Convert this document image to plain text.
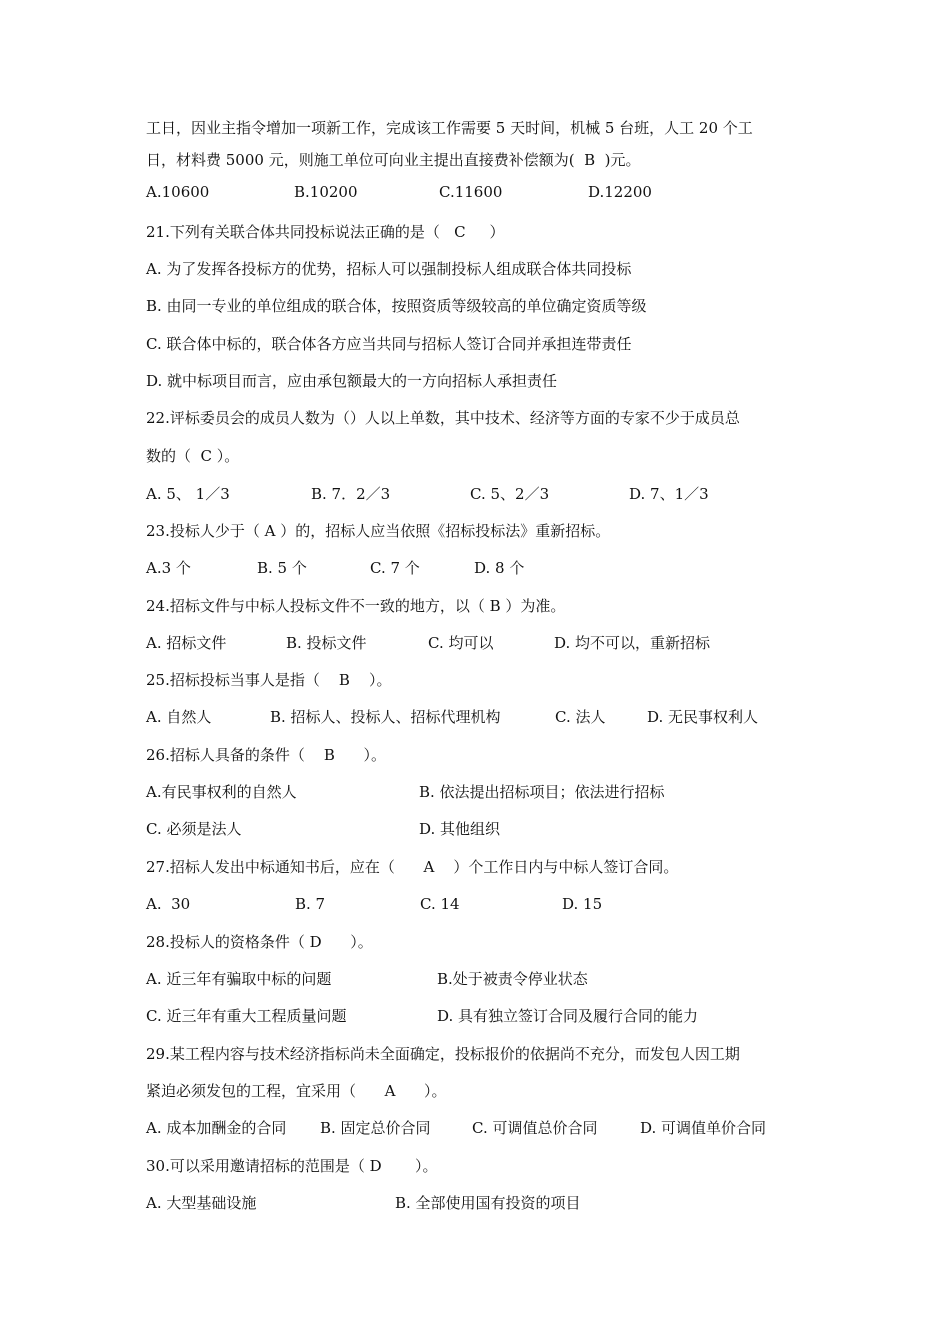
工日，因业主指令增加一项新工作，完成该工作需要 5 天时间，机械 5 台班，人工 20 个工
日，材料费 5000 元，则施工单位可向业主提出直接费补偿额为(  B  )元。
A.10600	B.10200	C.11600	D.12200
21.下列有关联合体共同投标说法正确的是（   C     ）
A. 为了发挥各投标方的优势，招标人可以强制投标人组成联合体共同投标
B. 由同一专业的单位组成的联合体，按照资质等级较高的单位确定资质等级
C. 联合体中标的，联合体各方应当共同与招标人签订合同并承担连带责任
D. 就中标项目而言，应由承包额最大的一方向招标人承担责任
22.评标委员会的成员人数为（）人以上单数，其中技术、经济等方面的专家不少于成员总
数的（  C ）。
A. 5、 1／3	B. 7．2／3	C. 5、2／3	D. 7、1／3
23.投标人少于（ A ）的，招标人应当依照《招标投标法》重新招标。
A.3 个	B. 5 个	C. 7 个	D. 8 个
24.招标文件与中标人投标文件不一致的地方，以（ B ）为准。
A. 招标文件	B. 投标文件	C. 均可以	D. 均不可以，重新招标
25.招标投标当事人是指（    B    ）。
A. 自然人	B. 招标人、投标人、招标代理机构	C. 法人	D. 无民事权利人
26.招标人具备的条件（    B      ）。
A.有民事权利的自然人	B. 依法提出招标项目；依法进行招标
C. 必须是法人	D. 其他组织
27.招标人发出中标通知书后，应在（      A    ）个工作日内与中标人签订合同。
A.  30	B. 7	C. 14	D. 15
28.投标人的资格条件（ D      ）。
A. 近三年有骗取中标的问题	B.处于被责令停业状态
C. 近三年有重大工程质量问题	D. 具有独立签订合同及履行合同的能力
29.某工程内容与技术经济指标尚未全面确定，投标报价的依据尚不充分，而发包人因工期
紧迫必须发包的工程，宜采用（      A      ）。
A. 成本加酬金的合同 B. 固定总价合同	C. 可调值总价合同	D. 可调值单价合同
30.可以采用邀请招标的范围是（ D       ）。
A. 大型基础设施	B. 全部使用国有投资的项目
